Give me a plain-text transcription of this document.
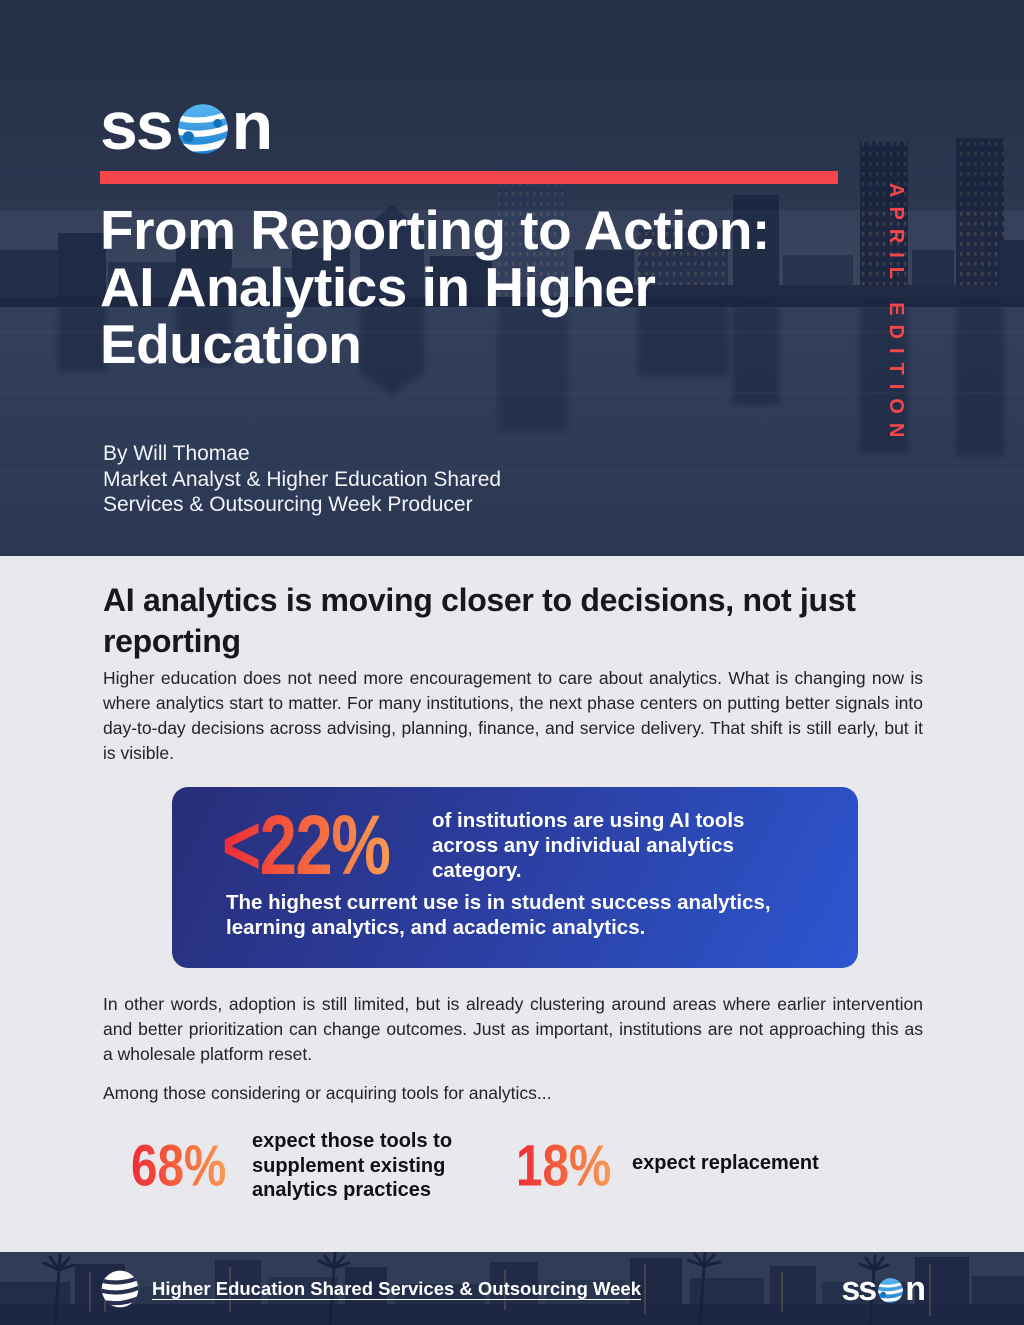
ss n
From Reporting to Action: AI Analytics in Higher Education
By Will Thomae
Market Analyst & Higher Education Shared
Services & Outsourcing Week Producer
APRIL EDITION
AI analytics is moving closer to decisions, not just reporting

Higher education does not need more encouragement to care about analytics. What is changing now is where analytics start to matter. For many institutions, the next phase centers on putting better signals into day-to-day decisions across advising, planning, finance, and service delivery. That shift is still early, but it is visible.

<22% of institutions are using AI tools across any individual analytics category.
The highest current use is in student success analytics, learning analytics, and academic analytics.

In other words, adoption is still limited, but is already clustering around areas where earlier intervention and better prioritization can change outcomes. Just as important, institutions are not approaching this as a wholesale platform reset.

Among those considering or acquiring tools for analytics...

68% expect those tools to supplement existing analytics practices	18% expect replacement
Higher Education Shared Services & Outsourcing Week	ss n
